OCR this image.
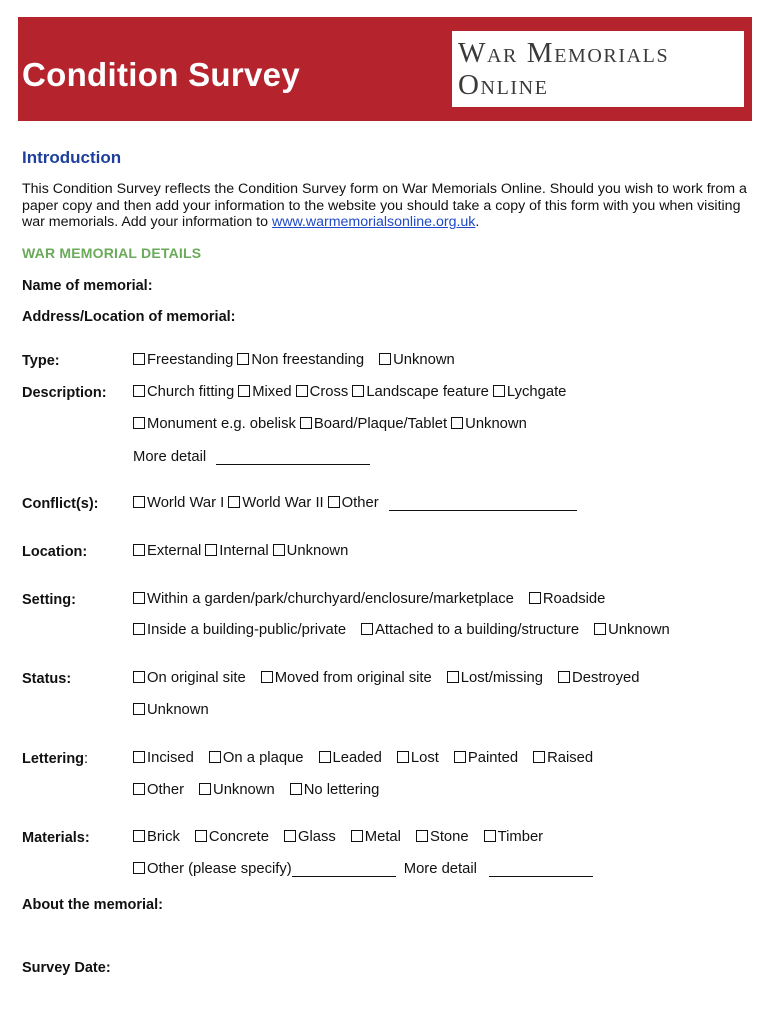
Condition Survey
War Memorials
Online
Introduction
This Condition Survey reflects the Condition Survey form on War Memorials Online. Should you wish to work from a paper copy and then add your information to the website you should take a copy of this form with you when visiting war memorials. Add your information to www.warmemorialsonline.org.uk.
WAR MEMORIAL DETAILS
Name of memorial:
Address/Location of memorial:
Type:	Freestanding Non freestanding Unknown
Description:	Church fitting Mixed Cross Landscape feature Lychgate
Monument e.g. obelisk Board/Plaque/Tablet Unknown
More detail
Conflict(s):	World War I World War II Other
Location:	External Internal Unknown
Setting:	Within a garden/park/churchyard/enclosure/marketplace Roadside
Inside a building-public/private Attached to a building/structure Unknown
Status:	On original site Moved from original site Lost/missing Destroyed
Unknown
Lettering:	Incised On a plaque Leaded Lost Painted Raised
Other Unknown No lettering
Materials:	Brick Concrete Glass Metal Stone Timber
Other (please specify)	More detail
About the memorial:
Survey Date:
